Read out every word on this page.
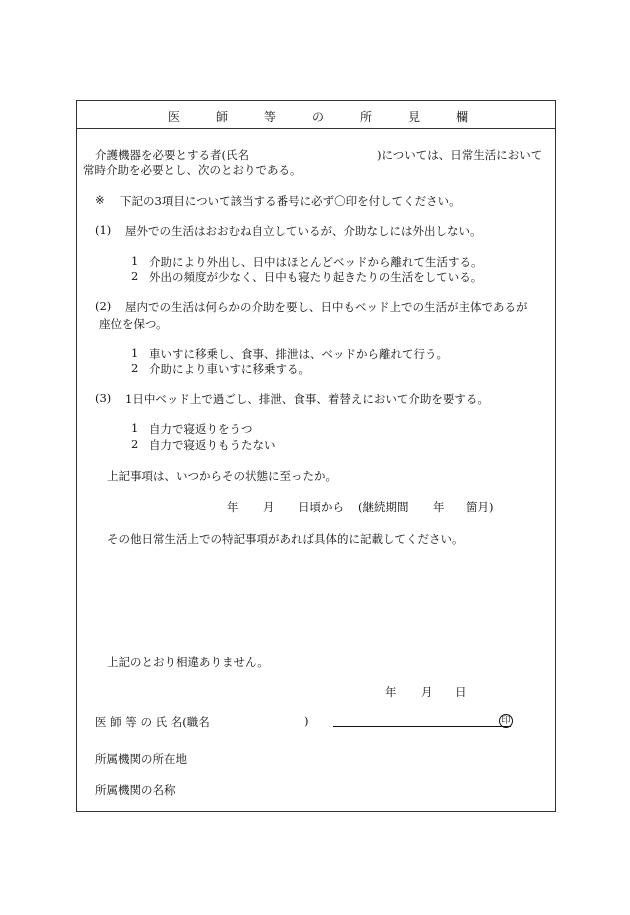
医	師	等	の	所	見	欄
介護機器を必要とする者(氏名	)については、日常生活において
常時介助を必要とし、次のとおりである。
※ 下記の3項目について該当する番号に必ず〇印を付してください。
(1) 屋外での生活はおおむね自立しているが、介助なしには外出しない。
1 介助により外出し、日中はほとんどベッドから離れて生活する。
2 外出の頻度が少なく、日中も寝たり起きたりの生活をしている。
(2) 屋内での生活は何らかの介助を要し、日中もベッド上での生活が主体であるが
座位を保つ。
1 車いすに移乗し、食事、排泄は、ベッドから離れて行う。
2 介助により車いすに移乗する。
(3) 1日中ベッド上で過ごし、排泄、食事、着替えにおいて介助を要する。
1 自力で寝返りをうつ
2 自力で寝返りもうたない
上記事項は、いつからその状態に至ったか。
年 月 日頃から (継続期間 年 箇月)
その他日常生活上での特記事項があれば具体的に記載してください。
上記のとおり相違ありません。
年 月 日
医 師 等 の 氏 名(職名	)	印
所属機関の所在地
所属機関の名称
